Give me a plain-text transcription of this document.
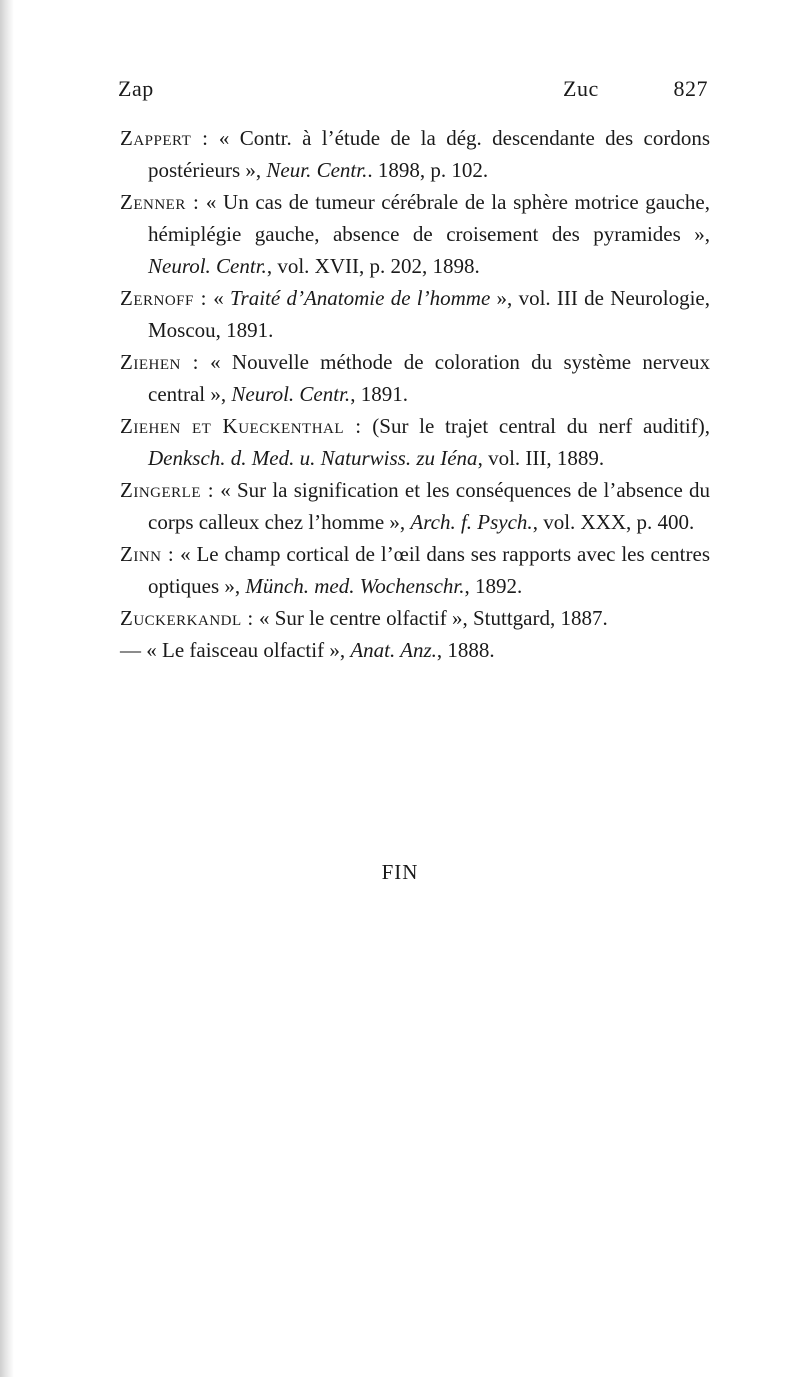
Zap	Zuc	827

Zappert : « Contr. à l’étude de la dég. descendante des cordons postérieurs », Neur. Centr.. 1898, p. 102.

Zenner : « Un cas de tumeur cérébrale de la sphère motrice gauche, hémiplégie gauche, absence de croisement des pyramides », Neurol. Centr., vol. XVII, p. 202, 1898.

Zernoff : « Traité d’Anatomie de l’homme », vol. III de Neurologie, Moscou, 1891.

Ziehen : « Nouvelle méthode de coloration du système nerveux central », Neurol. Centr., 1891.

Ziehen et Kueckenthal : (Sur le trajet central du nerf auditif), Denksch. d. Med. u. Naturwiss. zu Iéna, vol. III, 1889.

Zingerle : « Sur la signification et les conséquences de l’absence du corps calleux chez l’homme », Arch. f. Psych., vol. XXX, p. 400.

Zinn : « Le champ cortical de l’œil dans ses rapports avec les centres optiques », Münch. med. Wochenschr., 1892.

Zuckerkandl : « Sur le centre olfactif », Stuttgard, 1887.

— « Le faisceau olfactif », Anat. Anz., 1888.

FIN
